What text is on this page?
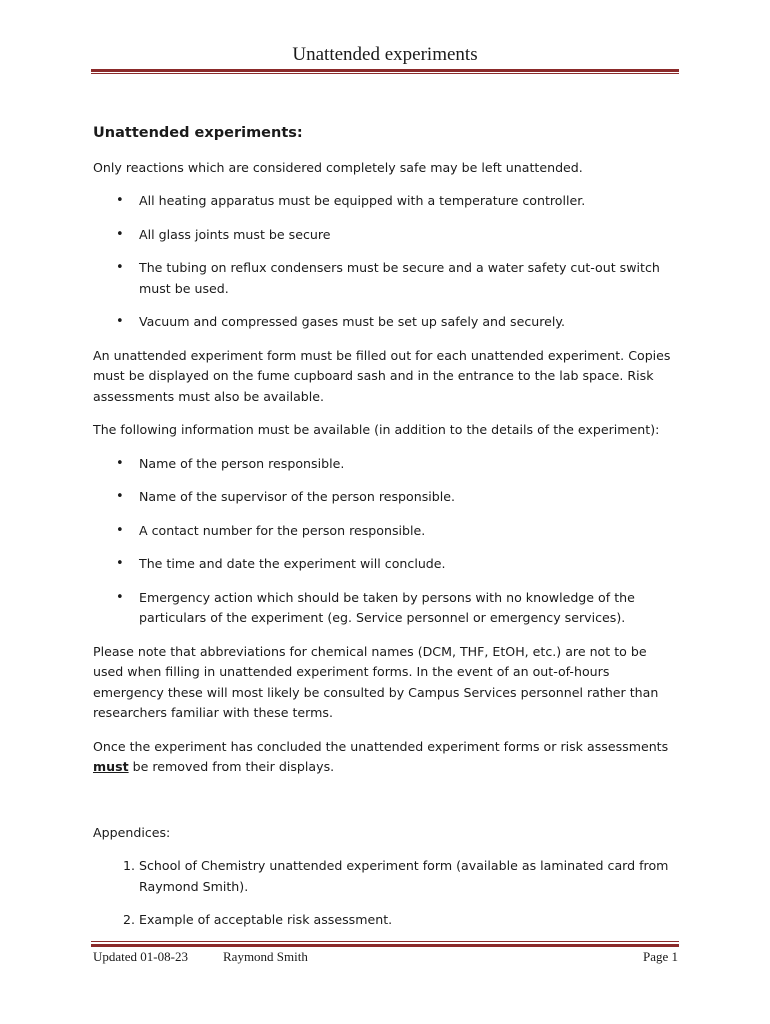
Unattended experiments
Unattended experiments:

Only reactions which are considered completely safe may be left unattended.

• All heating apparatus must be equipped with a temperature controller.
• All glass joints must be secure
• The tubing on reflux condensers must be secure and a water safety cut-out switch must be used.
• Vacuum and compressed gases must be set up safely and securely.

An unattended experiment form must be filled out for each unattended experiment. Copies must be displayed on the fume cupboard sash and in the entrance to the lab space. Risk assessments must also be available.

The following information must be available (in addition to the details of the experiment):

• Name of the person responsible.
• Name of the supervisor of the person responsible.
• A contact number for the person responsible.
• The time and date the experiment will conclude.
• Emergency action which should be taken by persons with no knowledge of the particulars of the experiment (eg. Service personnel or emergency services).

Please note that abbreviations for chemical names (DCM, THF, EtOH, etc.) are not to be used when filling in unattended experiment forms. In the event of an out-of-hours emergency these will most likely be consulted by Campus Services personnel rather than researchers familiar with these terms.

Once the experiment has concluded the unattended experiment forms or risk assessments
must be removed from their displays.

Appendices:

1. School of Chemistry unattended experiment form (available as laminated card from Raymond Smith).
2. Example of acceptable risk assessment.
Updated 01-08-23	Raymond Smith	Page 1
